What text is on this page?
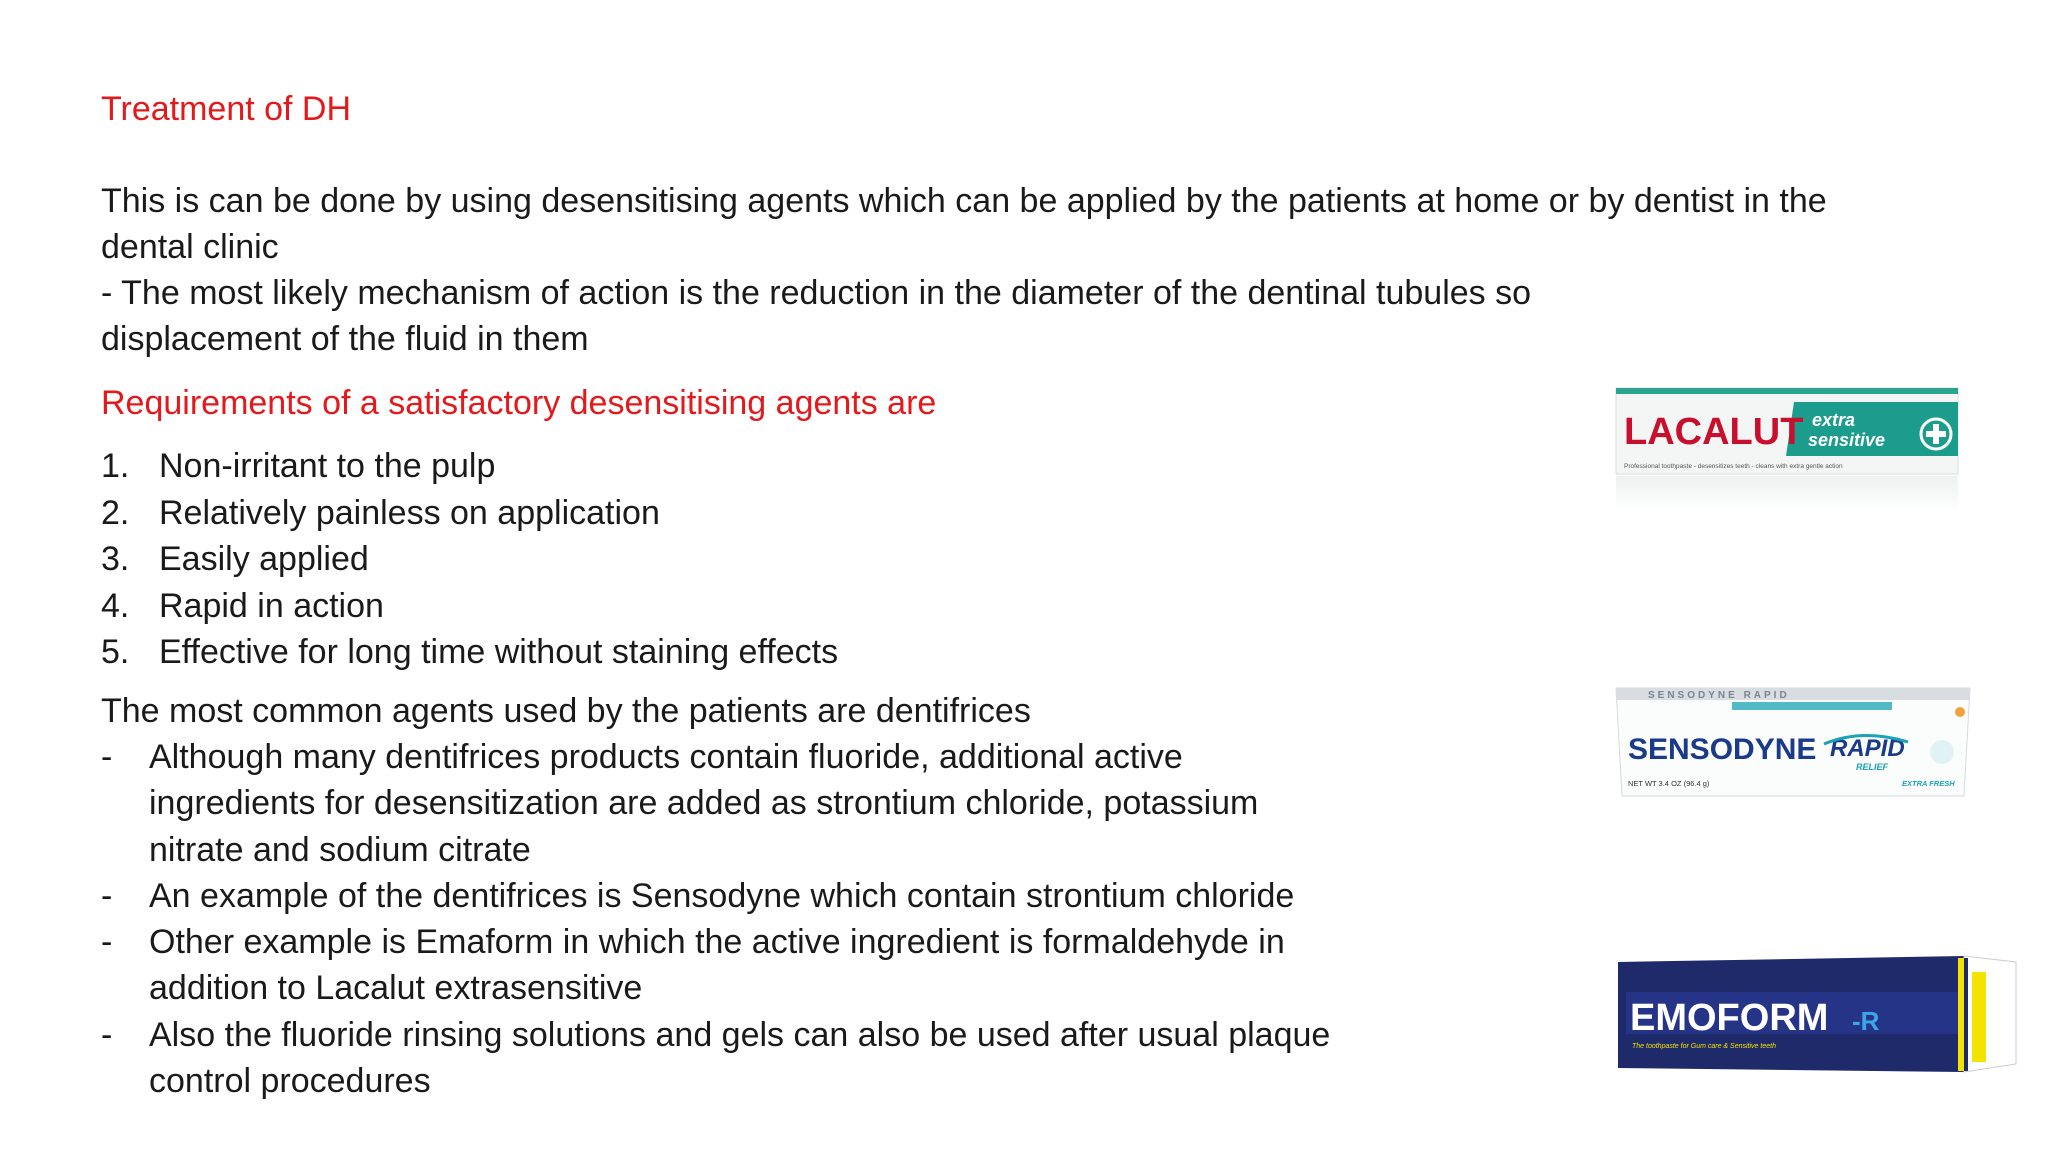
Treatment of DH

This is can be done by using desensitising agents which can be applied by the patients at home or by dentist in the

dental clinic

- The most likely mechanism of action is the reduction in the diameter of the dentinal tubules so

displacement of the fluid in them

Requirements of a satisfactory desensitising agents are
1. Non-irritant to the pulp
2. Relatively painless on application
3. Easily applied
4. Rapid in action
5. Effective for long time without staining effects
The most common agents used by the patients are dentifrices
-	Although many dentifrices products contain fluoride, additional active
ingredients for desensitization are added as strontium chloride, potassium
nitrate and sodium citrate
-	An example of the dentifrices is Sensodyne which contain strontium chloride
-	Other example is Emaform in which the active ingredient is formaldehyde in
addition to Lacalut extrasensitive
-	Also the fluoride rinsing solutions and gels can also be used after usual plaque
control procedures
LACALUT extra
sensitive
Professional toothpaste - desensitizes teeth - cleans with extra gentle action
SENSODYNE RAPID
SENSODYNE RAPID
RELIEF
NET WT 3.4 OZ (96.4 g)	EXTRA FRESH
EMOFORM -R
The toothpaste for Gum care & Sensitive teeth
